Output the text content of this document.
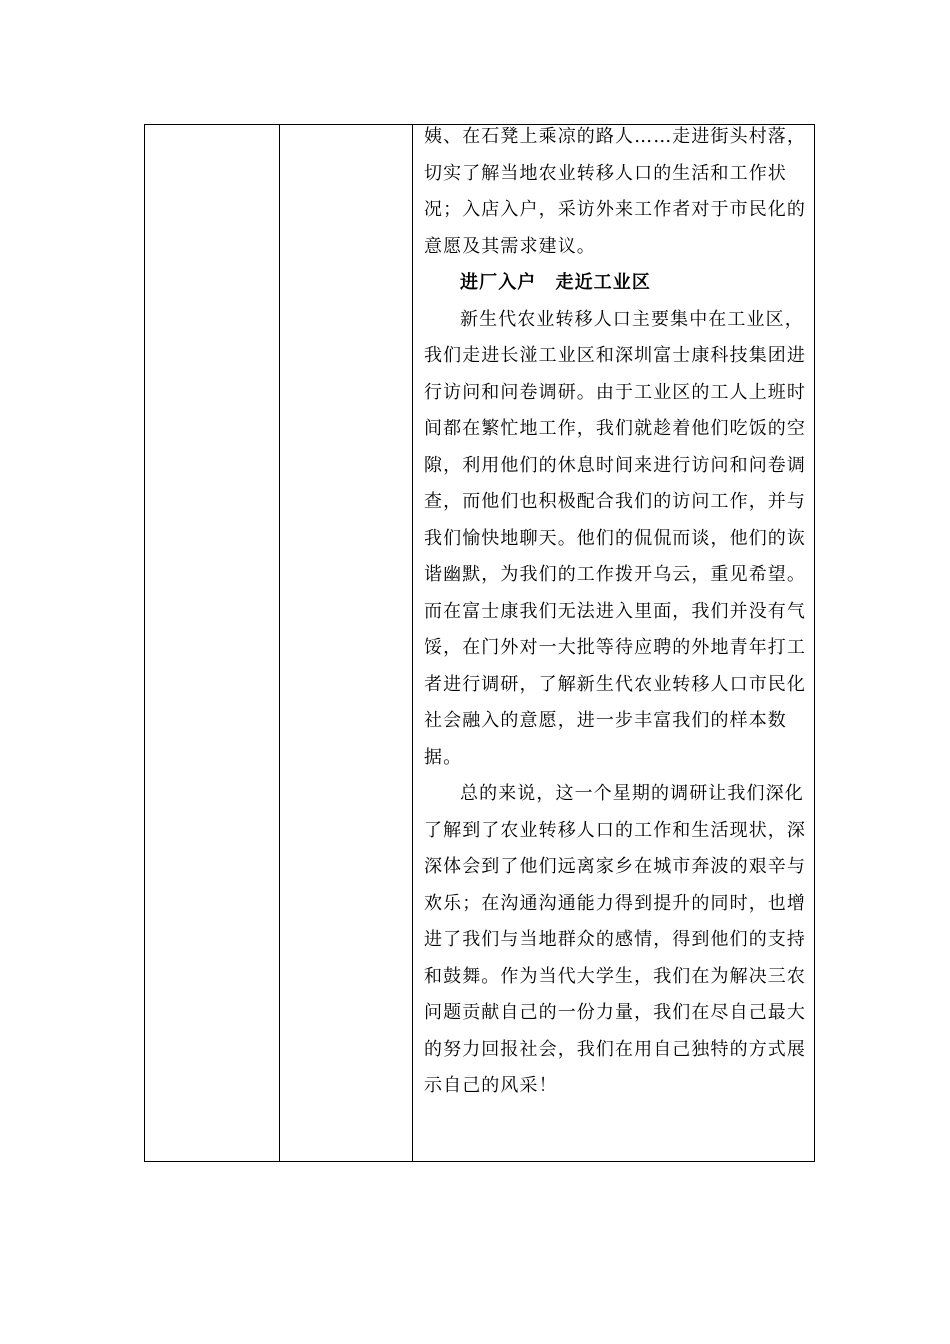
姨、在石凳上乘凉的路人……走进街头村落，
切实了解当地农业转移人口的生活和工作状
况；入店入户，采访外来工作者对于市民化的
意愿及其需求建议。
进厂入户　走近工业区
新生代农业转移人口主要集中在工业区，
我们走进长湴工业区和深圳富士康科技集团进
行访问和问卷调研。由于工业区的工人上班时
间都在繁忙地工作，我们就趁着他们吃饭的空
隙，利用他们的休息时间来进行访问和问卷调
查，而他们也积极配合我们的访问工作，并与
我们愉快地聊天。他们的侃侃而谈，他们的诙
谐幽默，为我们的工作拨开乌云，重见希望。
而在富士康我们无法进入里面，我们并没有气
馁，在门外对一大批等待应聘的外地青年打工
者进行调研，了解新生代农业转移人口市民化
社会融入的意愿，进一步丰富我们的样本数
据。
总的来说，这一个星期的调研让我们深化
了解到了农业转移人口的工作和生活现状，深
深体会到了他们远离家乡在城市奔波的艰辛与
欢乐；在沟通沟通能力得到提升的同时，也增
进了我们与当地群众的感情，得到他们的支持
和鼓舞。作为当代大学生，我们在为解决三农
问题贡献自己的一份力量，我们在尽自己最大
的努力回报社会，我们在用自己独特的方式展
示自己的风采！
